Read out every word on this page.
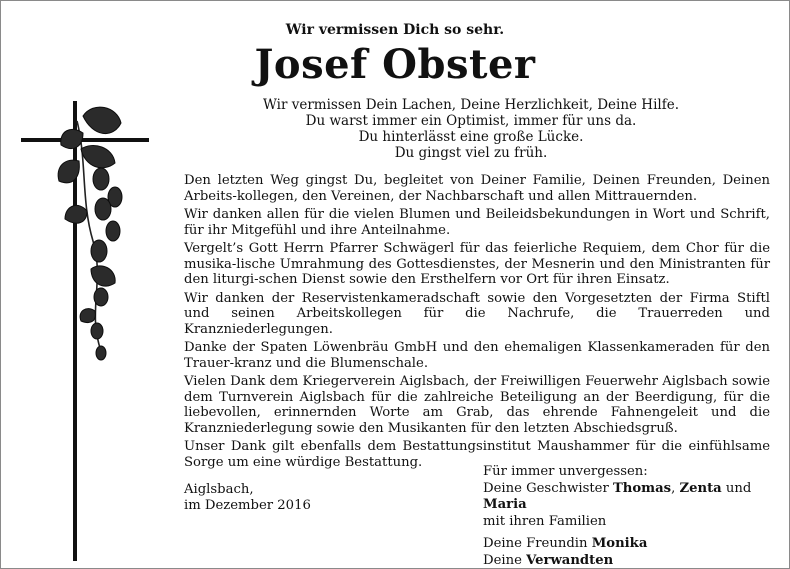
Wir vermissen Dich so sehr.
Josef Obster
Wir vermissen Dein Lachen, Deine Herzlichkeit, Deine Hilfe.
Du warst immer ein Optimist, immer für uns da.
Du hinterlässt eine große Lücke.
Du gingst viel zu früh.

Den letzten Weg gingst Du, begleitet von Deiner Familie, Deinen Freunden, Deinen Arbeits-kollegen, den Vereinen, der Nachbarschaft und allen Mittrauernden.

Wir danken allen für die vielen Blumen und Beileidsbekundungen in Wort und Schrift, für ihr Mitgefühl und ihre Anteilnahme.

Vergelt’s Gott Herrn Pfarrer Schwägerl für das feierliche Requiem, dem Chor für die musika-lische Umrahmung des Gottesdienstes, der Mesnerin und den Ministranten für den liturgi-schen Dienst sowie den Ersthelfern vor Ort für ihren Einsatz.

Wir danken der Reservistenkameradschaft sowie den Vorgesetzten der Firma Stiftl und seinen Arbeitskollegen für die Nachrufe, die Trauerreden und Kranzniederlegungen.

Danke der Spaten Löwenbräu GmbH und den ehemaligen Klassenkameraden für den Trauer-kranz und die Blumenschale.

Vielen Dank dem Kriegerverein Aiglsbach, der Freiwilligen Feuerwehr Aiglsbach sowie dem Turnverein Aiglsbach für die zahlreiche Beteiligung an der Beerdigung, für die liebevollen, erinnernden Worte am Grab, das ehrende Fahnengeleit und die Kranzniederlegung sowie den Musikanten für den letzten Abschiedsgruß.

Unser Dank gilt ebenfalls dem Bestattungsinstitut Maushammer für die einfühlsame Sorge um eine würdige Bestattung.

Aiglsbach,
im Dezember 2016
Für immer unvergessen:
Deine Geschwister Thomas, Zenta und Maria
mit ihren Familien
Deine Freundin Monika
Deine Verwandten
